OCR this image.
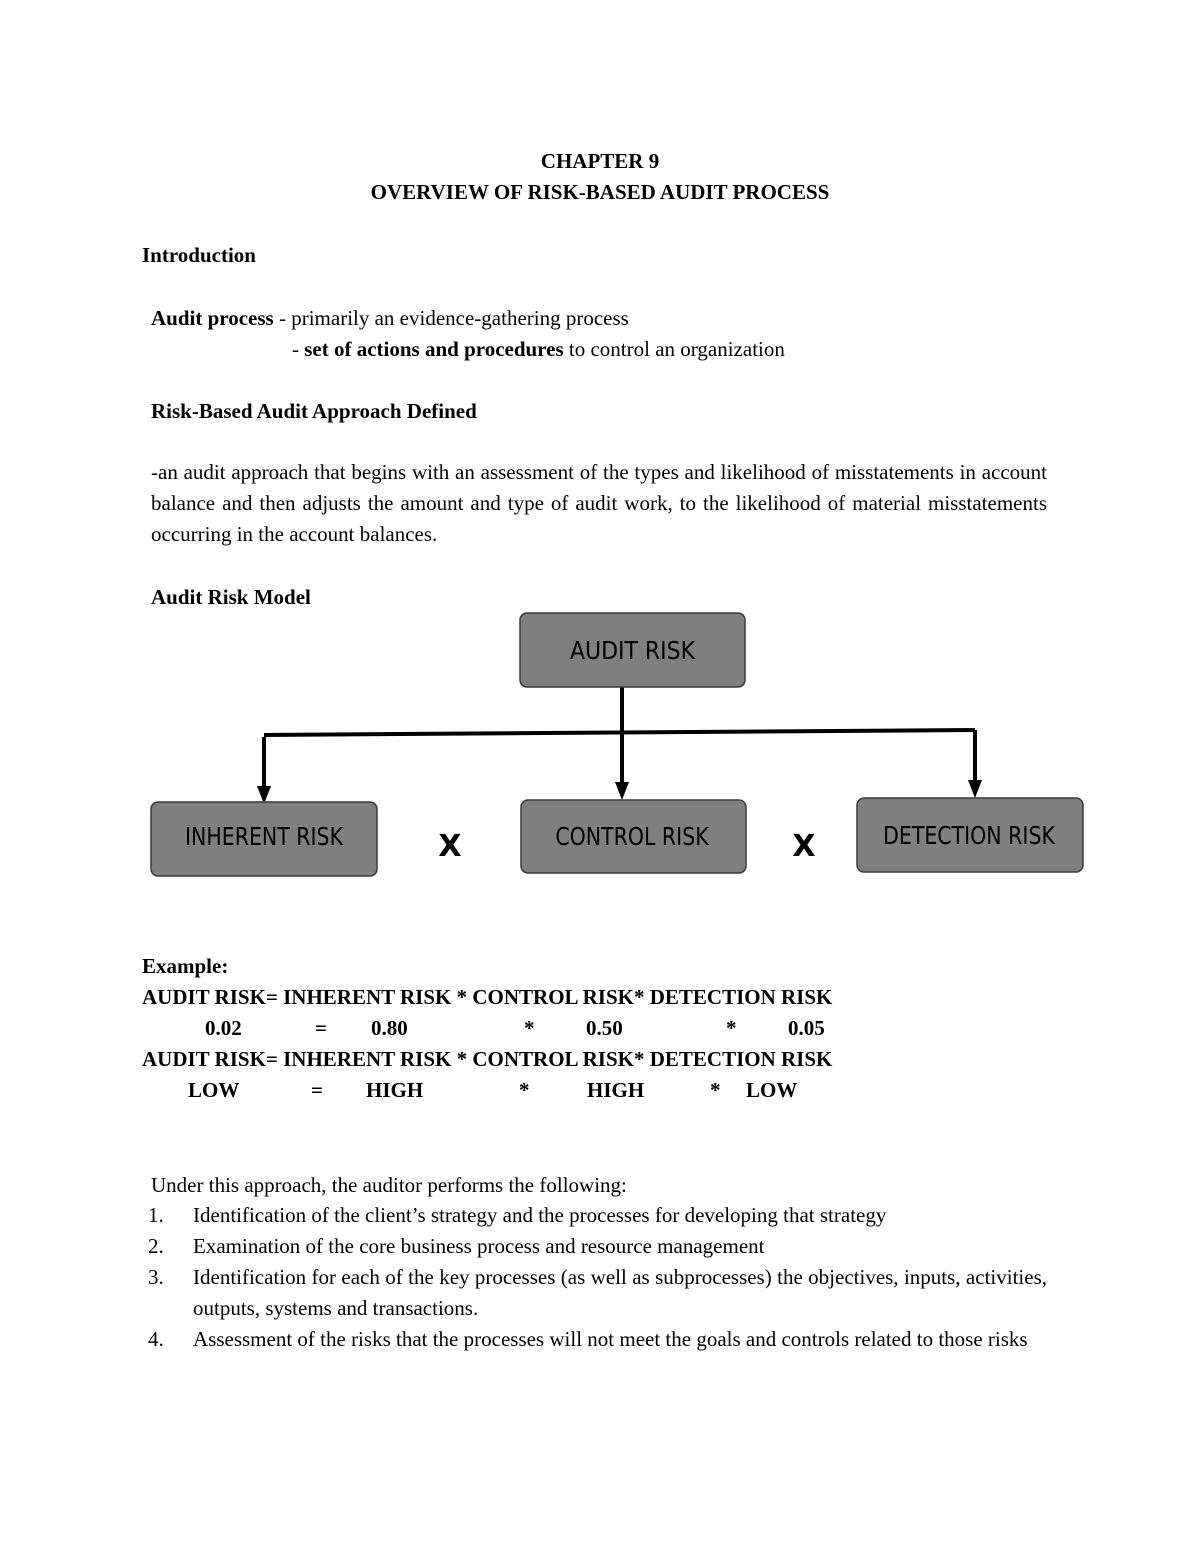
CHAPTER 9
OVERVIEW OF RISK-BASED AUDIT PROCESS
Introduction
Audit process - primarily an evidence-gathering process
- set of actions and procedures to control an organization
Risk-Based Audit Approach Defined
-an audit approach that begins with an assessment of the types and likelihood of misstatements in account balance and then adjusts the amount and type of audit work, to the likelihood of material misstatements occurring in the account balances.
Audit Risk Model
AUDIT RISK
INHERENT RISK	CONTROL RISK	DETECTION RISK
X	X
Example:
AUDIT RISK= INHERENT RISK * CONTROL RISK* DETECTION RISK
0.02	= 0.80	* 0.50	* 0.05
AUDIT RISK= INHERENT RISK * CONTROL RISK* DETECTION RISK
LOW	= HIGH	*	HIGH	* LOW
Under this approach, the auditor performs the following:
1.	Identification of the client’s strategy and the processes for developing that strategy
2.	Examination of the core business process and resource management
3.	Identification for each of the key processes (as well as subprocesses) the objectives, inputs, activities, outputs, systems and transactions.
4.	Assessment of the risks that the processes will not meet the goals and controls related to those risks
